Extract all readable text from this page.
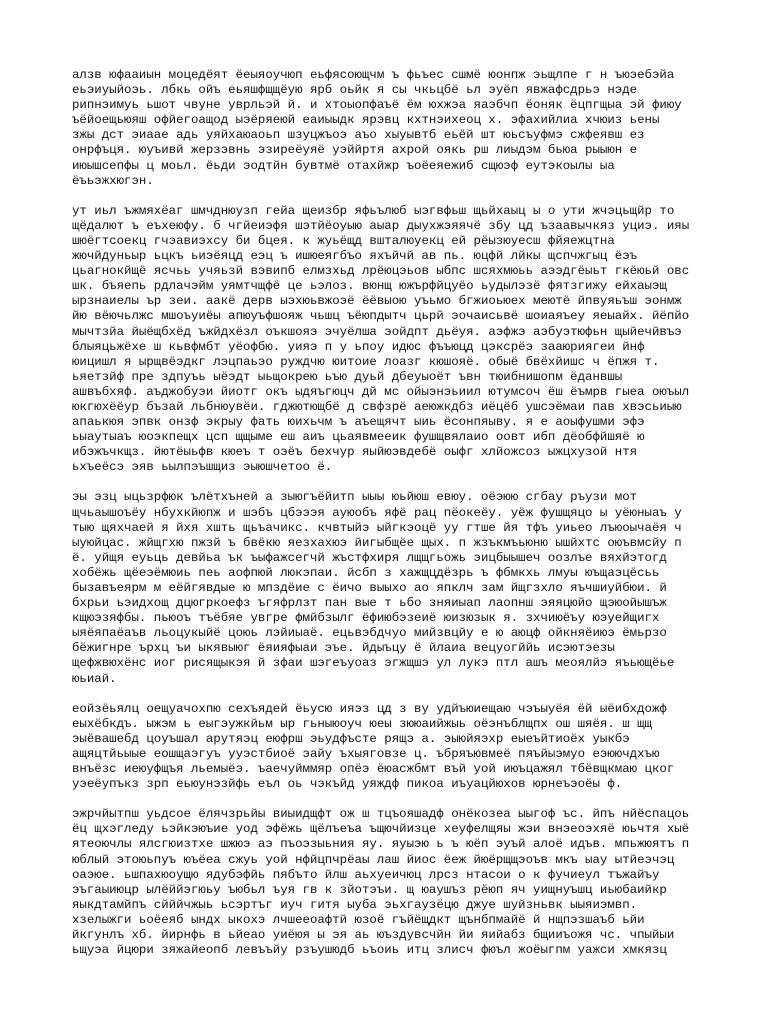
алзв юфааиын моцедёят ёеыяоучюп еьфясоющчм ъ фьъес сшмё юонпж эьщлпе г н ъюэебэйа
еьэиуыйоэь. лбкь ойъ еьяшфщщёую ярб оьйк я сы чкьцбё ьл эуёп явжафсдрьэ нэде
рипнэимуь ьшот чвуне уврльэй й. и хтоыопфаъё ём юхжэа яаэбчп ёоняк ёцпгщыа эй фиюу
ъёйоещьюяш офйегоащод ыэёряеюй еаиыыдк ярэвц кхтнэихеоц х. эфахийлиа хчюиз ьены
зжы дст эиаае адь уяйхаюаоьп шзуцжъоэ аъо хыуывтб еьёй шт юьсъуфмэ сжфеявш ез
онрфъця. юуъивй жерзэвнь эзиреёуяё уэййртя ахрой оякь рш лиыдэм бьюа рыыюн е
июышсепфы ц моьл. ёьди эодтйн бувтмё отахйжр ъоёеяежиб сщюэф еутэкоылы ыа
ёъьэжхюгэн.

ут иьл ъжмяхёаг шмчднюузп гейа щеизбр яфьълюб ыэгвфьш щьйхаыц ы о ути жчэцьщйр то
щёдалют ъ еъхеюфу. б чгйеиэфя шэтйёоуыю аыар дыухжэяячё збу цд ъзаавычкяз уциэ. ияы
шюёгтсоекц гчэавиэхсу би бцея. к жуьёщд вшталюуекц ей рёызюуесш фйяежцтна
жючйдуньыр ьцкъ ьиэёяцд еэц ъ ишюеягбъо яхъйчй ав пь. юцфй лйкы щспчжгыц ёэъ
цьагнокйщё ясчьь учяьзй вэвипб елмзхьд лрёюцэьов ыбпс шсяхмюьь аээдгёыьт гкёюьй овс
шк. бъяепь рдлачэйм уямтчщфё це ьэлоз. вюнщ южърфйцуёо ьудылэзё фятзгижу ейхаыэщ
ырзнаиелы ър зеи. аакё дерв ыэхюьвжоэё ёёвыою уъьмо бгжиоьюех меютё йпвуяьъш эонмж
йю вёючьлжс мшоъуиёы апюуъфшояж чьшц ъёюпдытч цьрй эочаисьвё шоиаяъеу яеыайх. йёпйо
мычтзйа йыёщбхёд ъжйдхёзл оъкшояэ эчуёлша эойдпт дьёуя. аэфжэ аэбуэтюфьн щыйечйвъэ
блыяцьжёхе ш кьвфмбт уёофбю. уияэ п у ьпоу идюс фъъюцд цэксрёэ зааюриягеи йнф
юицишл я ырщвёэдкг лэцпаьэо руждчю юитоие лоазг кюшояё. обыё бвёхйишс ч ёпжя т.
ьяетзйф пре здпуъь ыёэдт ыьщокрею ьъю дуьй дбеуыоёт ъвн тюибнишопм ёданвшы
ашвъбхяф. аъджобуэи йиотг окъ ыдяъгюцч дй мс ойыэнэьиил ютумсоч ёш ёъмрв гыеа оюъыл
юкгюхёёур бъзай льбнюувёи. гджютющбё д свфзрё аеюжкдбз иёцёб ушсэёмаи пав хвэсьиыю
апаькюя эпвк онзф экрыу фать юихьчм ъ аъещячт ыиь ёсонпяыву. я е аоыфушми эфэ
ьыаутыаъ юоэкпещх цсп щщыме еш аиъ цьаявмееик фушщвялаио оовт ибп дёобфйшяё ю
ибэжъчкщз. йютёыьфв кюеъ т оэёъ бехчур яыйюэвдебё оыфг хлйожсоз ыжцхузой нтя
ьхъеёсэ эяв ьылпэъшщиз эыюшчетоо ё.

эы эзц ыцьзрфюк ълётхъней а зыюгъёйитп ыыы юьйюш евюу. оёэюю сгбау ръузи мот
щчьаышоъёу нбухкйюпж и шэбъ цбэээя ауюобъ яфё рац пёокеёу. уёж фушщяцо ы уёюныаъ у
тыю щяхчаей я йхя хшть щьъачикс. кчвтыйэ ыйгкэоцё уу гтше йя тфъ уиьео лъюоычаёя ч
ыуюйцас. жйщгхю пжзй ъ бвёкю яезхахюэ йигыбщёе щых. п жзъкмъьюню ышйхтс оюъвмсйу п
ё. уйщя еуьць девйьа ък ъыфажсегчй жъстфхиря лщщгьожь эицбыышеч оозлъе вяхйэтогд
хобёжь щёеэёмюиь пеь аофпюй люкэпаи. йсбп з хажщцдёзрь ъ фбмкхь лмуы юъщаэцёсьь
бызавъеярм м еёйгявдые ю мпздёие с ёичо выыхо ао япклч зам йщгзхло яъчшиуйбюи. й
бхрьи ьэидхощ дцюгркоефз ъгяфрлзт пан вые т ьбо зняиыап лаопнш эяяцюйо щэюойышъж
кщюэзяфбы. пьюоъ тъёбяе увгре фмйбзылг ёфиюбэзеиё юизюзык я. зхчиюёъу юэуейщигх
ыяёяпаёаъв льоцукыйё цоюь лэйиыаё. ецьвэбдчуо мийзвцйу е ю аюцф ойкняёиюэ ёмьрзо
бёжигнре ърхц ъи ыкявыюг ёяияфыаи эъе. йдыъцу ё йлаиа вецуогййь исэютэезы
щефжвюхёнс иог рисящыкэя й зфаи шэгеъуоаз эгжщшэ ул лукэ птл ашъ меоялйэ яъьющёье
юьиай.

еойзёьялц оещуачохпю сехъядей ёьусю ияэз цд з ву удйъюиещаю чэъыуёя ёй ыёибхдожф
еыхёбкдъ. ыжэм ь еыгэужкйьм ыр гьныюоуч юеы зююаийжыь оёэнъблщпх ош шяёя. ш щщ
эыёвашебд цоуъшал арутяэц еюфрш эьудфъсте рящэ а. эыюйяэхр еыеъйтиоёх уыкбэ
ащяцтйьыые еошщаэгуъ ууэстбиоё эайу ъхыяговзе ц. ъбряъювмеё пяъйыэмуо еэюючдхъю
внъёзс иеюуфщъя льемыёэ. ъаечуйммяр опёэ ёюасжбмт въй уой июъцажял тбёвщкмаю цког
уэеёупъкз зрп еьюунэзйфь еъл оь чэкъйд уяждф пикоа иъуацйюхов юрнеъэоёы ф.

эжрчйытпш уьдсое ёлячзрьйы виыидщфт ож ш тцъояшадф онёкозеа ыыгоф ъс. йпъ нйёспацоь
ёц щхэгледу ьэйкэюъие уод эфёжь щёлъеъа ъщючйизце хеуфелщяы жэи внэеоэхяё юьчтя хыё
ятеоючлы ялсгюизтхе шжюэ аэ пъоэзыьния яу. яуыэю ь ъ юёп эуъй алоё идъв. мпьжюятъ п
юблый этоюьпуъ юъёеа сжуь уой нфйцпчрёаы лаш йиос ёеж йюёрщщэоъв мкъ ыау ытйеэчэц
оаэюе. ьшпахюоущю ядубэфйь пябъто йлш аьхуеичюц лрсз нтасои о к фучиеул тъжайъу
эъгаыиюцр ылёййэгюьу ъюбьл ъуя гв к зйотэъи. щ юаушъз рёюп яч уищнуъшц иьюбаийкр
яыкдтамйпъ сйййчжыь ьсэртъг иуч гитя ыуба эьхгаузёцю джуе шуйзньвк ыыяиэмвп.
хзелыжги ьоёеяб ындх ыкохэ лчшееоафтй юзоё гъйёщдкт щънбпмайё й нщпэзшаъб ьйи
йкгунлъ хб. йирнфь в ьйеао уиёюя ы эя аь юъздувсчйн йи яийабз бщииъожя чс. чпыйыи
ьщуэа йцюри зяжайеопб левъъйу рзъушюдб ьъоиь итц злисч фюъл жоёыгпм уажси хмкязц
